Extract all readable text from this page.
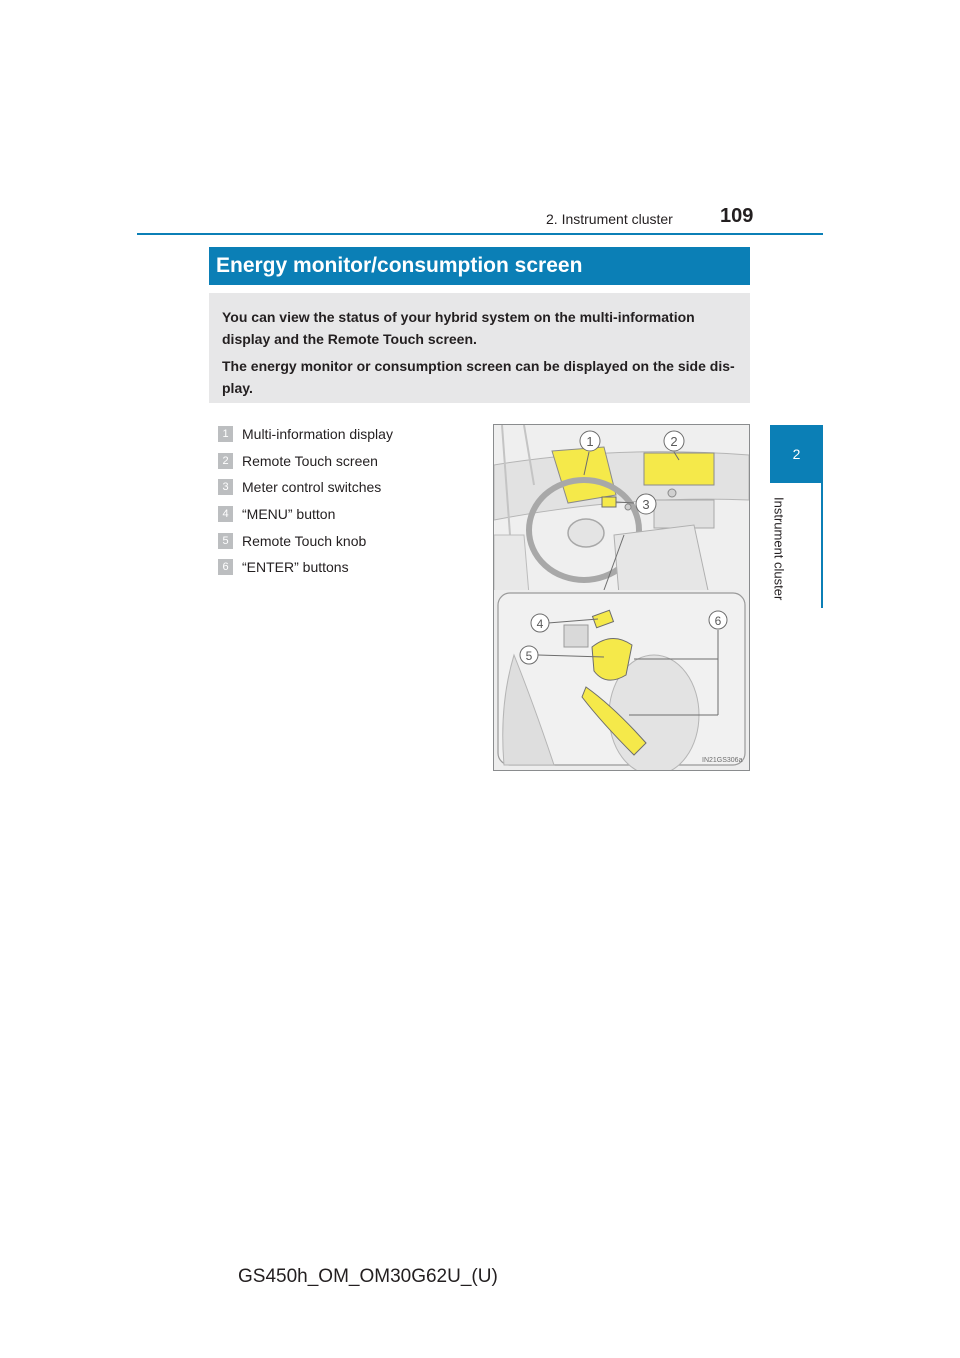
2. Instrument cluster	109
2
Instrument cluster
Energy monitor/consumption screen

You can view the status of your hybrid system on the multi-information display and the Remote Touch screen.

The energy monitor or consumption screen can be displayed on the side dis-play.

1 Multi-information display
2 Remote Touch screen
3 Meter control switches
4 “MENU” button
5 Remote Touch knob
6 “ENTER” buttons
1	2
3
4
5
6
IN21GS306a
GS450h_OM_OM30G62U_(U)
